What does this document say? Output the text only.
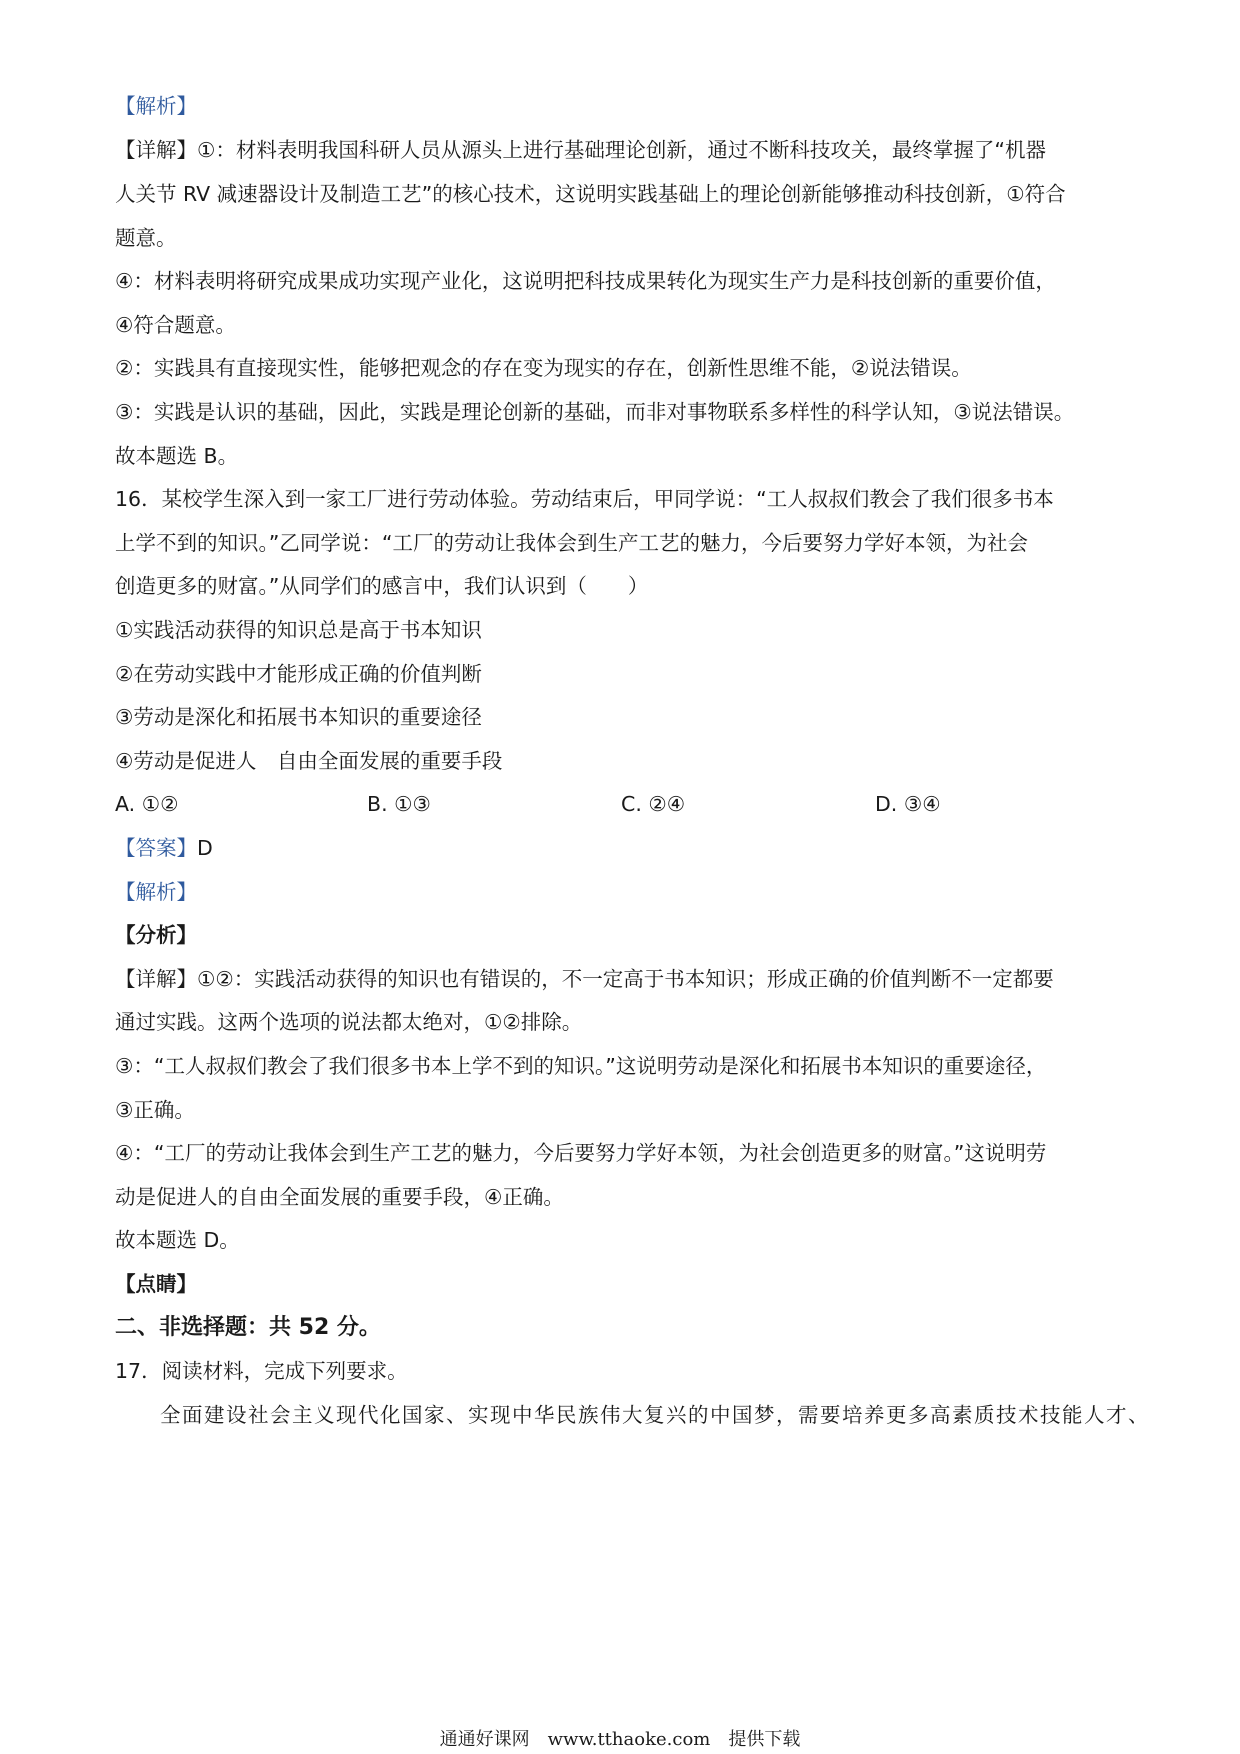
【解析】
【详解】①：材料表明我国科研人员从源头上进行基础理论创新，通过不断科技攻关，最终掌握了“机器
人关节 RV 减速器设计及制造工艺”的核心技术，这说明实践基础上的理论创新能够推动科技创新，①符合
题意。
④：材料表明将研究成果成功实现产业化，这说明把科技成果转化为现实生产力是科技创新的重要价值，
④符合题意。
②：实践具有直接现实性，能够把观念的存在变为现实的存在，创新性思维不能，②说法错误。
③：实践是认识的基础，因此，实践是理论创新的基础，而非对事物联系多样性的科学认知，③说法错误。
故本题选 B。
16．某校学生深入到一家工厂进行劳动体验。劳动结束后，甲同学说：“工人叔叔们教会了我们很多书本
上学不到的知识。”乙同学说：“工厂的劳动让我体会到生产工艺的魅力，今后要努力学好本领，为社会
创造更多的财富。”从同学们的感言中，我们认识到（　　）
①实践活动获得的知识总是高于书本知识
②在劳动实践中才能形成正确的价值判断
③劳动是深化和拓展书本知识的重要途径
④劳动是促进人　自由全面发展的重要手段
A. ①②	B. ①③	C. ②④	D. ③④
【答案】D
【解析】
【分析】
【详解】①②：实践活动获得的知识也有错误的，不一定高于书本知识；形成正确的价值判断不一定都要
通过实践。这两个选项的说法都太绝对，①②排除。
③：“工人叔叔们教会了我们很多书本上学不到的知识。”这说明劳动是深化和拓展书本知识的重要途径，
③正确。
④：“工厂的劳动让我体会到生产工艺的魅力，今后要努力学好本领，为社会创造更多的财富。”这说明劳
动是促进人的自由全面发展的重要手段，④正确。
故本题选 D。
【点睛】
二、非选择题：共 52 分。
17．阅读材料，完成下列要求。
全面建设社会主义现代化国家、实现中华民族伟大复兴的中国梦，需要培养更多高素质技术技能人才、
通通好课网　www.tthaoke.com　提供下载
